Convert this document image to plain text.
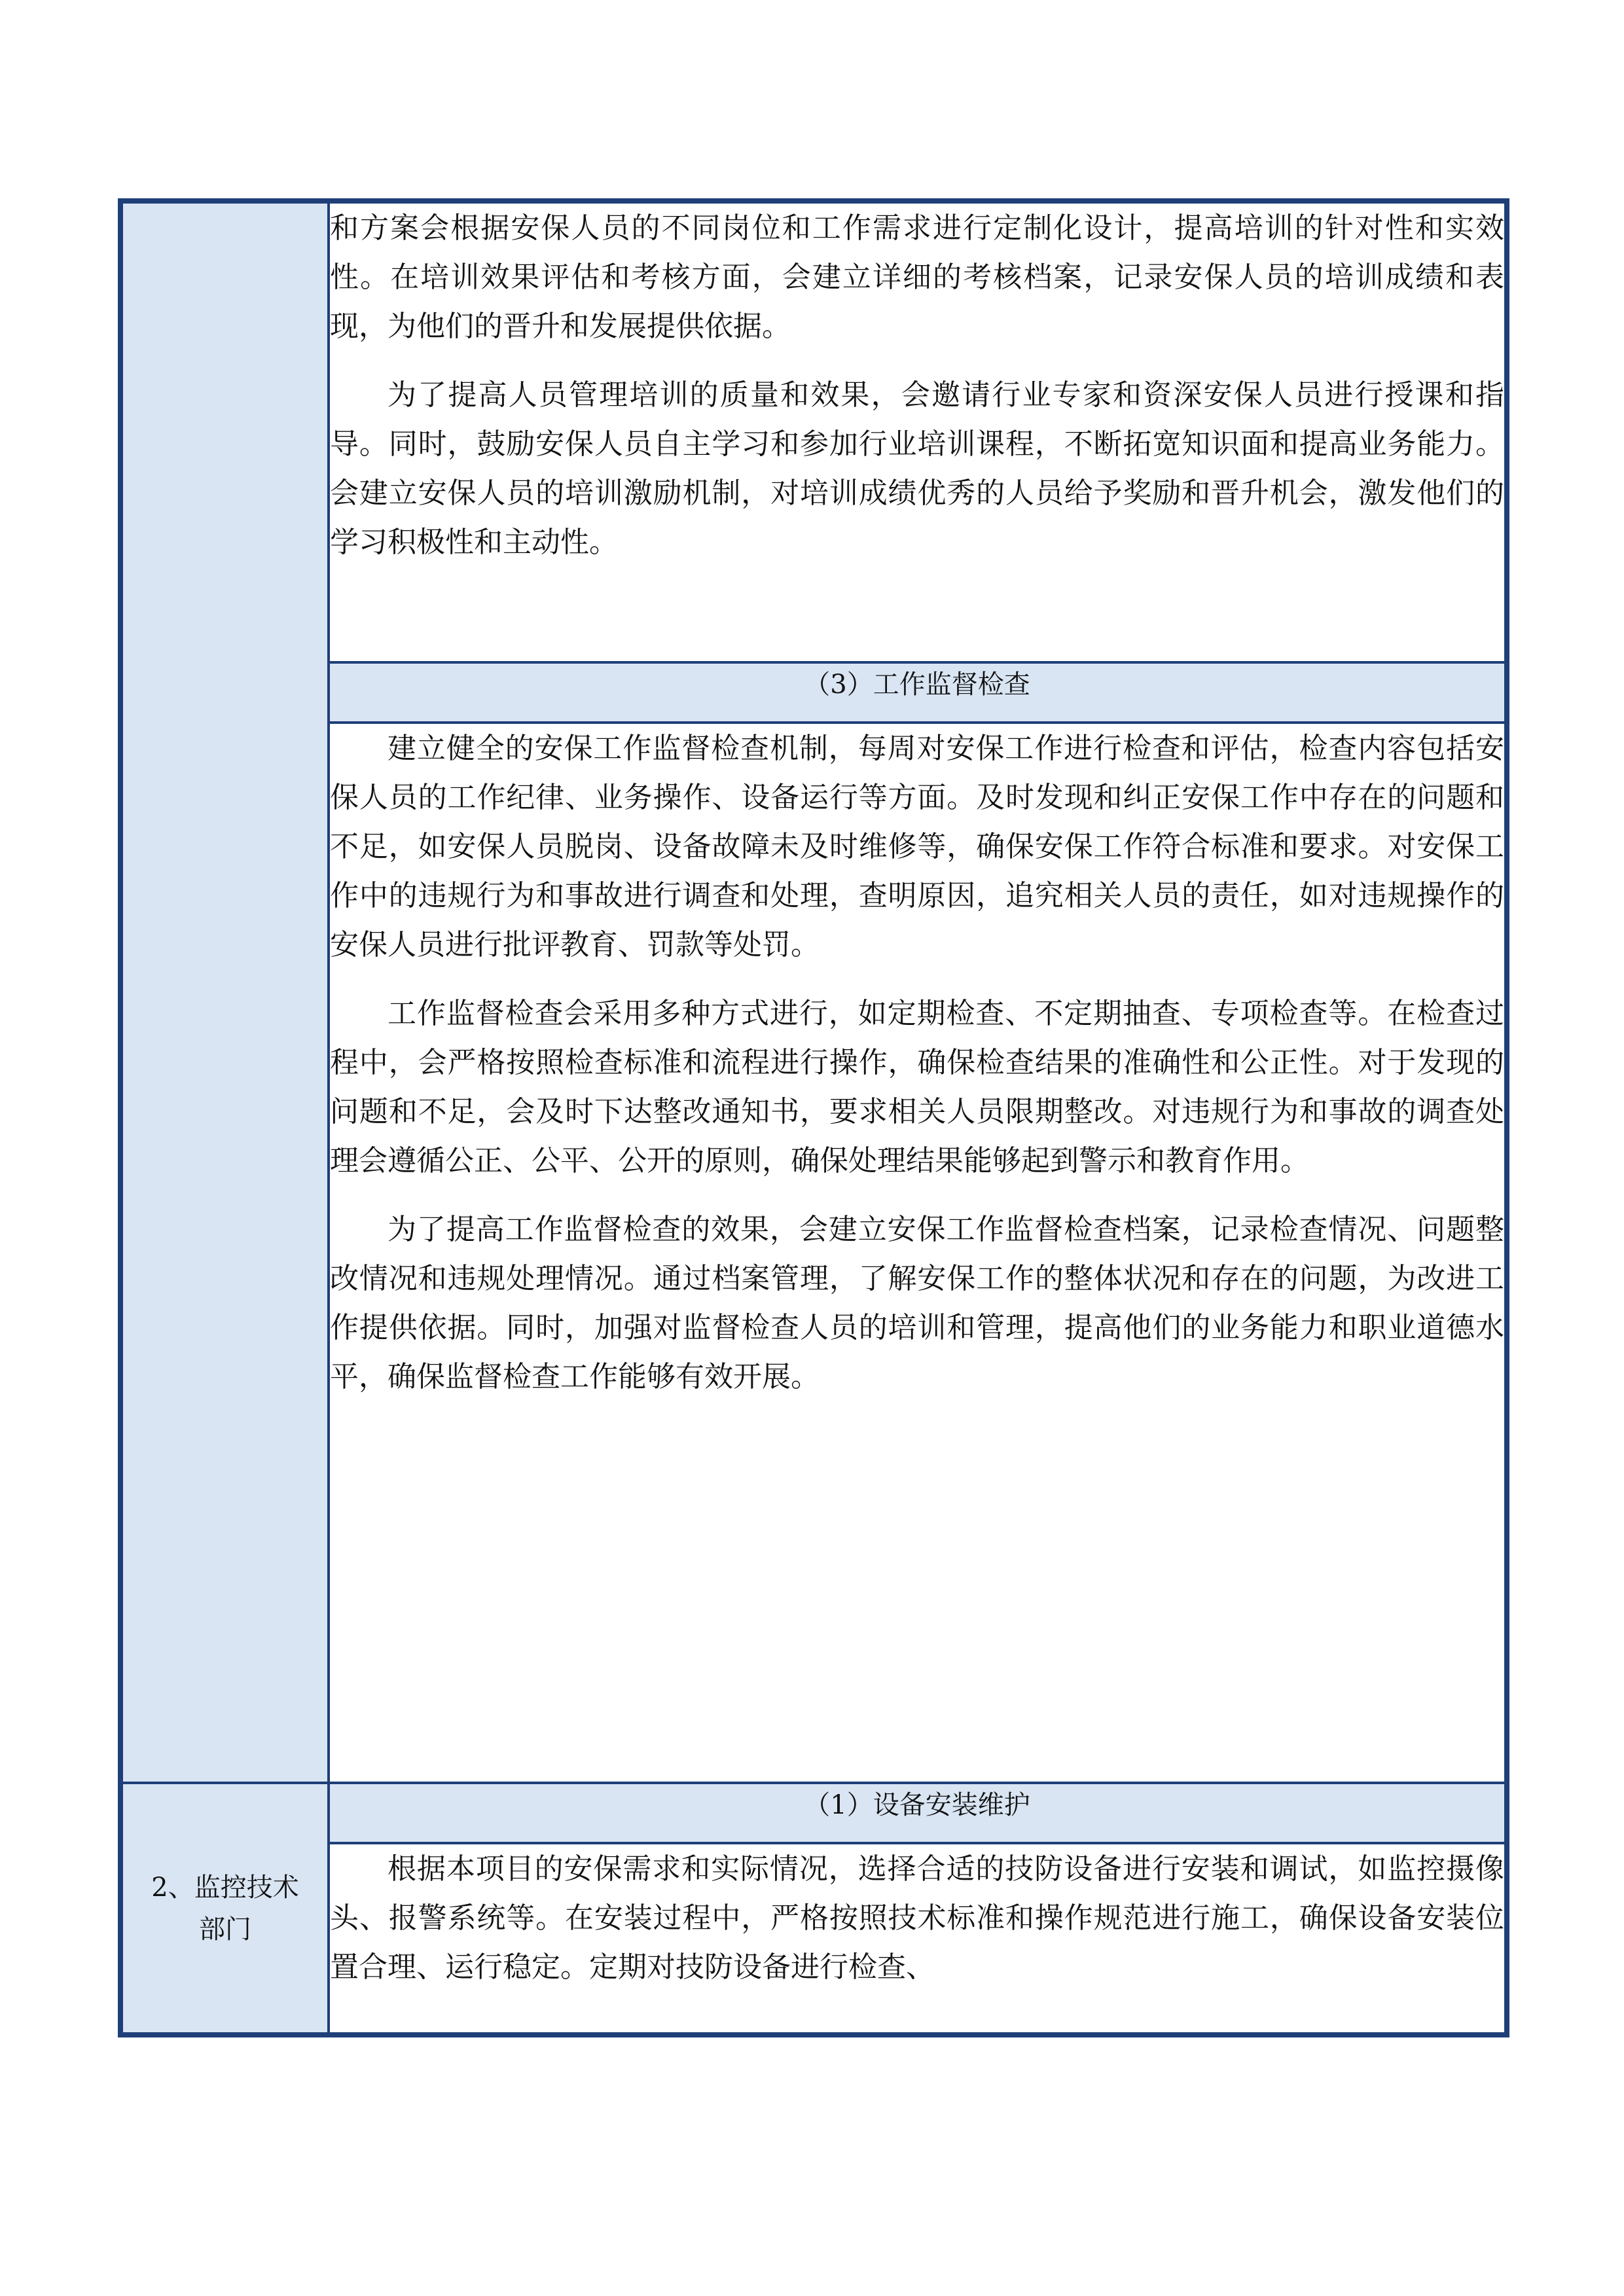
	和方案会根据安保人员的不同岗位和工作需求进行定制化设计，提高培训的针对性和实效性。在培训效果评估和考核方面，会建立详细的考核档案，记录安保人员的培训成绩和表现，为他们的晋升和发展提供依据。

为了提高人员管理培训的质量和效果，会邀请行业专家和资深安保人员进行授课和指导。同时，鼓励安保人员自主学习和参加行业培训课程，不断拓宽知识面和提高业务能力。会建立安保人员的培训激励机制，对培训成绩优秀的人员给予奖励和晋升机会，激发他们的学习积极性和主动性。

	（3）工作监督检查

	建立健全的安保工作监督检查机制，每周对安保工作进行检查和评估，检查内容包括安保人员的工作纪律、业务操作、设备运行等方面。及时发现和纠正安保工作中存在的问题和不足，如安保人员脱岗、设备故障未及时维修等，确保安保工作符合标准和要求。对安保工作中的违规行为和事故进行调查和处理，查明原因，追究相关人员的责任，如对违规操作的安保人员进行批评教育、罚款等处罚。

工作监督检查会采用多种方式进行，如定期检查、不定期抽查、专项检查等。在检查过程中，会严格按照检查标准和流程进行操作，确保检查结果的准确性和公正性。对于发现的问题和不足，会及时下达整改通知书，要求相关人员限期整改。对违规行为和事故的调查处理会遵循公正、公平、公开的原则，确保处理结果能够起到警示和教育作用。

为了提高工作监督检查的效果，会建立安保工作监督检查档案，记录检查情况、问题整改情况和违规处理情况。通过档案管理，了解安保工作的整体状况和存在的问题，为改进工作提供依据。同时，加强对监督检查人员的培训和管理，提高他们的业务能力和职业道德水平，确保监督检查工作能够有效开展。

2、监控技术部门	（1）设备安装维护

	根据本项目的安保需求和实际情况，选择合适的技防设备进行安装和调试，如监控摄像头、报警系统等。在安装过程中，严格按照技术标准和操作规范进行施工，确保设备安装位置合理、运行稳定。定期对技防设备进行检查、
